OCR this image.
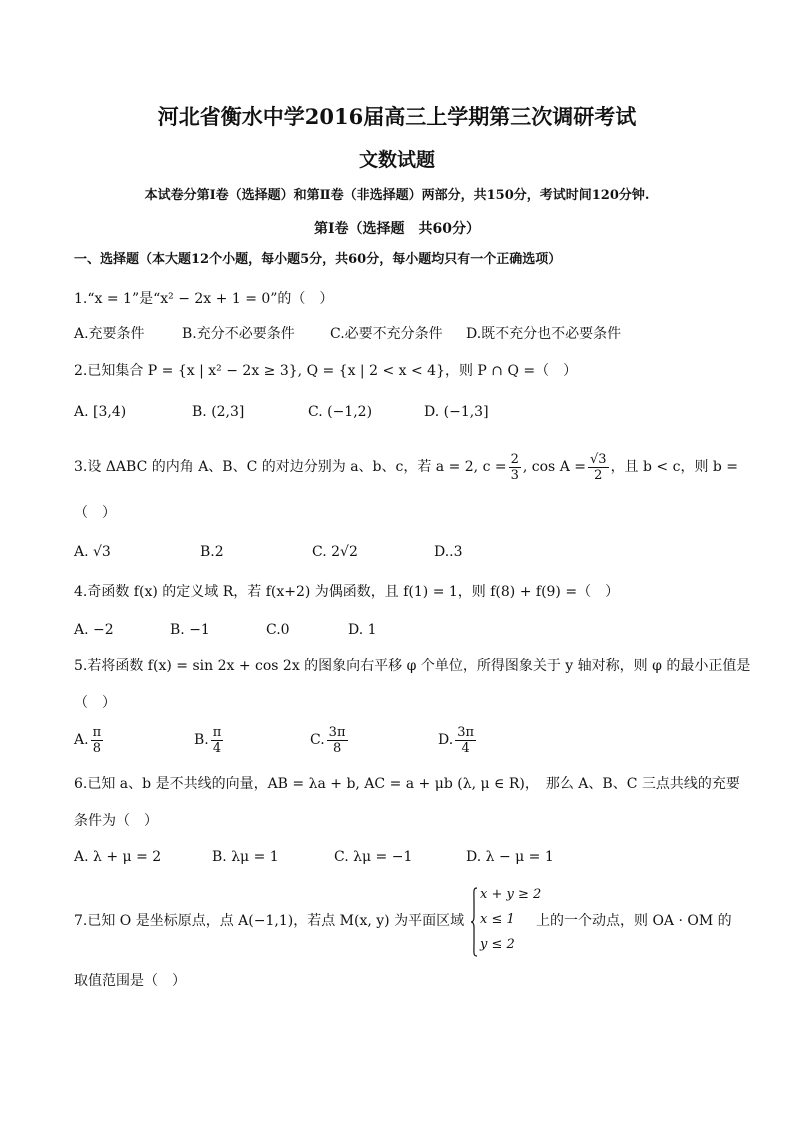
河北省衡水中学2016届高三上学期第三次调研考试
文数试题
本试卷分第Ⅰ卷（选择题）和第Ⅱ卷（非选择题）两部分，共150分，考试时间120分钟.
第Ⅰ卷（选择题　共60分）
一、选择题（本大题12个小题，每小题5分，共60分，每小题均只有一个正确选项）
1.“x = 1”是“x² − 2x + 1 = 0”的（　）
A.充要条件	B.充分不必要条件	C.必要不充分条件 D.既不充分也不必要条件
2.已知集合 P = {x | x² − 2x ≥ 3}, Q = {x | 2 < x < 4}，则 P ∩ Q =（　）
A. [3,4)	B. (2,3]	C. (−1,2)	D. (−1,3]
3.设 ΔABC 的内角 A、B、C 的对边分别为 a、b、c，若 a = 2, $c = \frac{2}{3}$ , $\cos A = \frac{√3}{2}$ ，且 b < c，则 b =
（　）
A. √3	B.2	C. 2√2	D..3
4.奇函数 f(x) 的定义域 R，若 f(x+2) 为偶函数，且 f(1) = 1，则 f(8) + f(9) =（　）
A. −2	B. −1	C.0	D. 1
5.若将函数 f(x) = sin 2x + cos 2x 的图象向右平移 φ 个单位，所得图象关于 y 轴对称，则 φ 的最小正值是
（　）
A. $\frac{\pi}{8}$	B. $\frac{\pi}{4}$	C. $\frac{3\pi}{8}$	D. $\frac{3\pi}{4}$
6.已知 a、b 是不共线的向量，AB = λa + b, AC = a + μb (λ, μ ∈ R)，　那么 A、B、C 三点共线的充要
条件为（　）
A. λ + μ = 2	B. λμ = 1	C. λμ = −1	D. λ − μ = 1
7.已知 O 是坐标原点，点 A(−1,1)，若点 M(x, y) 为平面区域
x + y ≥ 2
x ≤ 1
y ≤ 2
上的一个动点，则 OA · OM 的
取值范围是（　）
